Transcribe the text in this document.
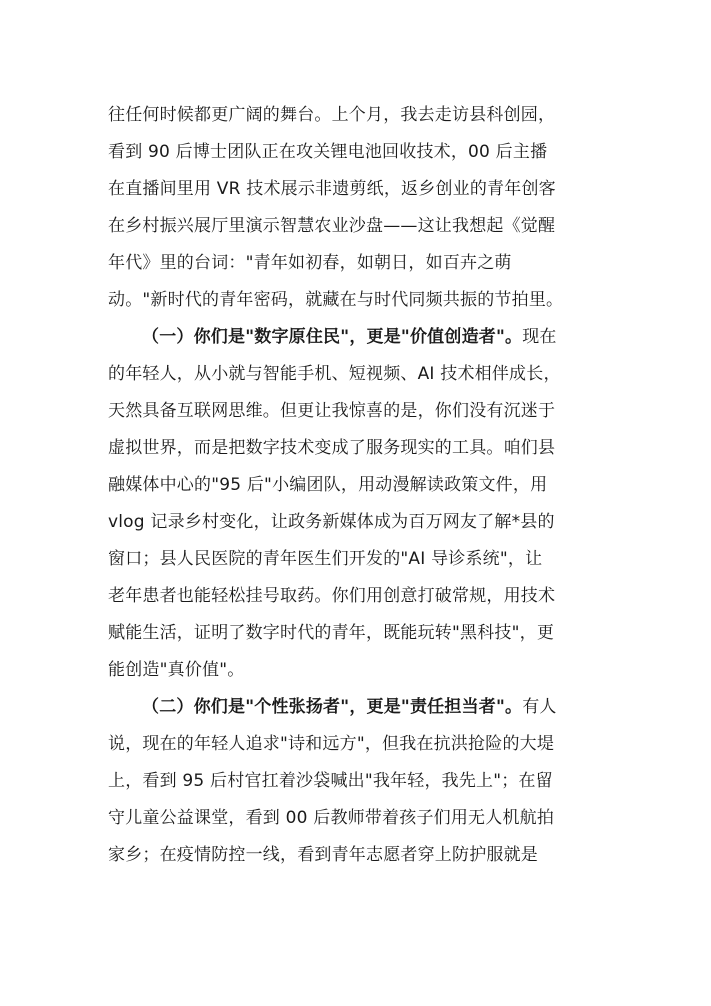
往任何时候都更广阔的舞台。上个月，我去走访县科创园，
看到 90 后博士团队正在攻关锂电池回收技术，00 后主播
在直播间里用 VR 技术展示非遗剪纸，返乡创业的青年创客
在乡村振兴展厅里演示智慧农业沙盘——这让我想起《觉醒
年代》里的台词："青年如初春，如朝日，如百卉之萌
动。"新时代的青年密码，就藏在与时代同频共振的节拍里。
（一）你们是"数字原住民"，更是"价值创造者"。现在
的年轻人，从小就与智能手机、短视频、AI 技术相伴成长，
天然具备互联网思维。但更让我惊喜的是，你们没有沉迷于
虚拟世界，而是把数字技术变成了服务现实的工具。咱们县
融媒体中心的"95 后"小编团队，用动漫解读政策文件，用
vlog 记录乡村变化，让政务新媒体成为百万网友了解*县的
窗口；县人民医院的青年医生们开发的"AI 导诊系统"，让
老年患者也能轻松挂号取药。你们用创意打破常规，用技术
赋能生活，证明了数字时代的青年，既能玩转"黑科技"，更
能创造"真价值"。
（二）你们是"个性张扬者"，更是"责任担当者"。有人
说，现在的年轻人追求"诗和远方"，但我在抗洪抢险的大堤
上，看到 95 后村官扛着沙袋喊出"我年轻，我先上"；在留
守儿童公益课堂，看到 00 后教师带着孩子们用无人机航拍
家乡；在疫情防控一线，看到青年志愿者穿上防护服就是
